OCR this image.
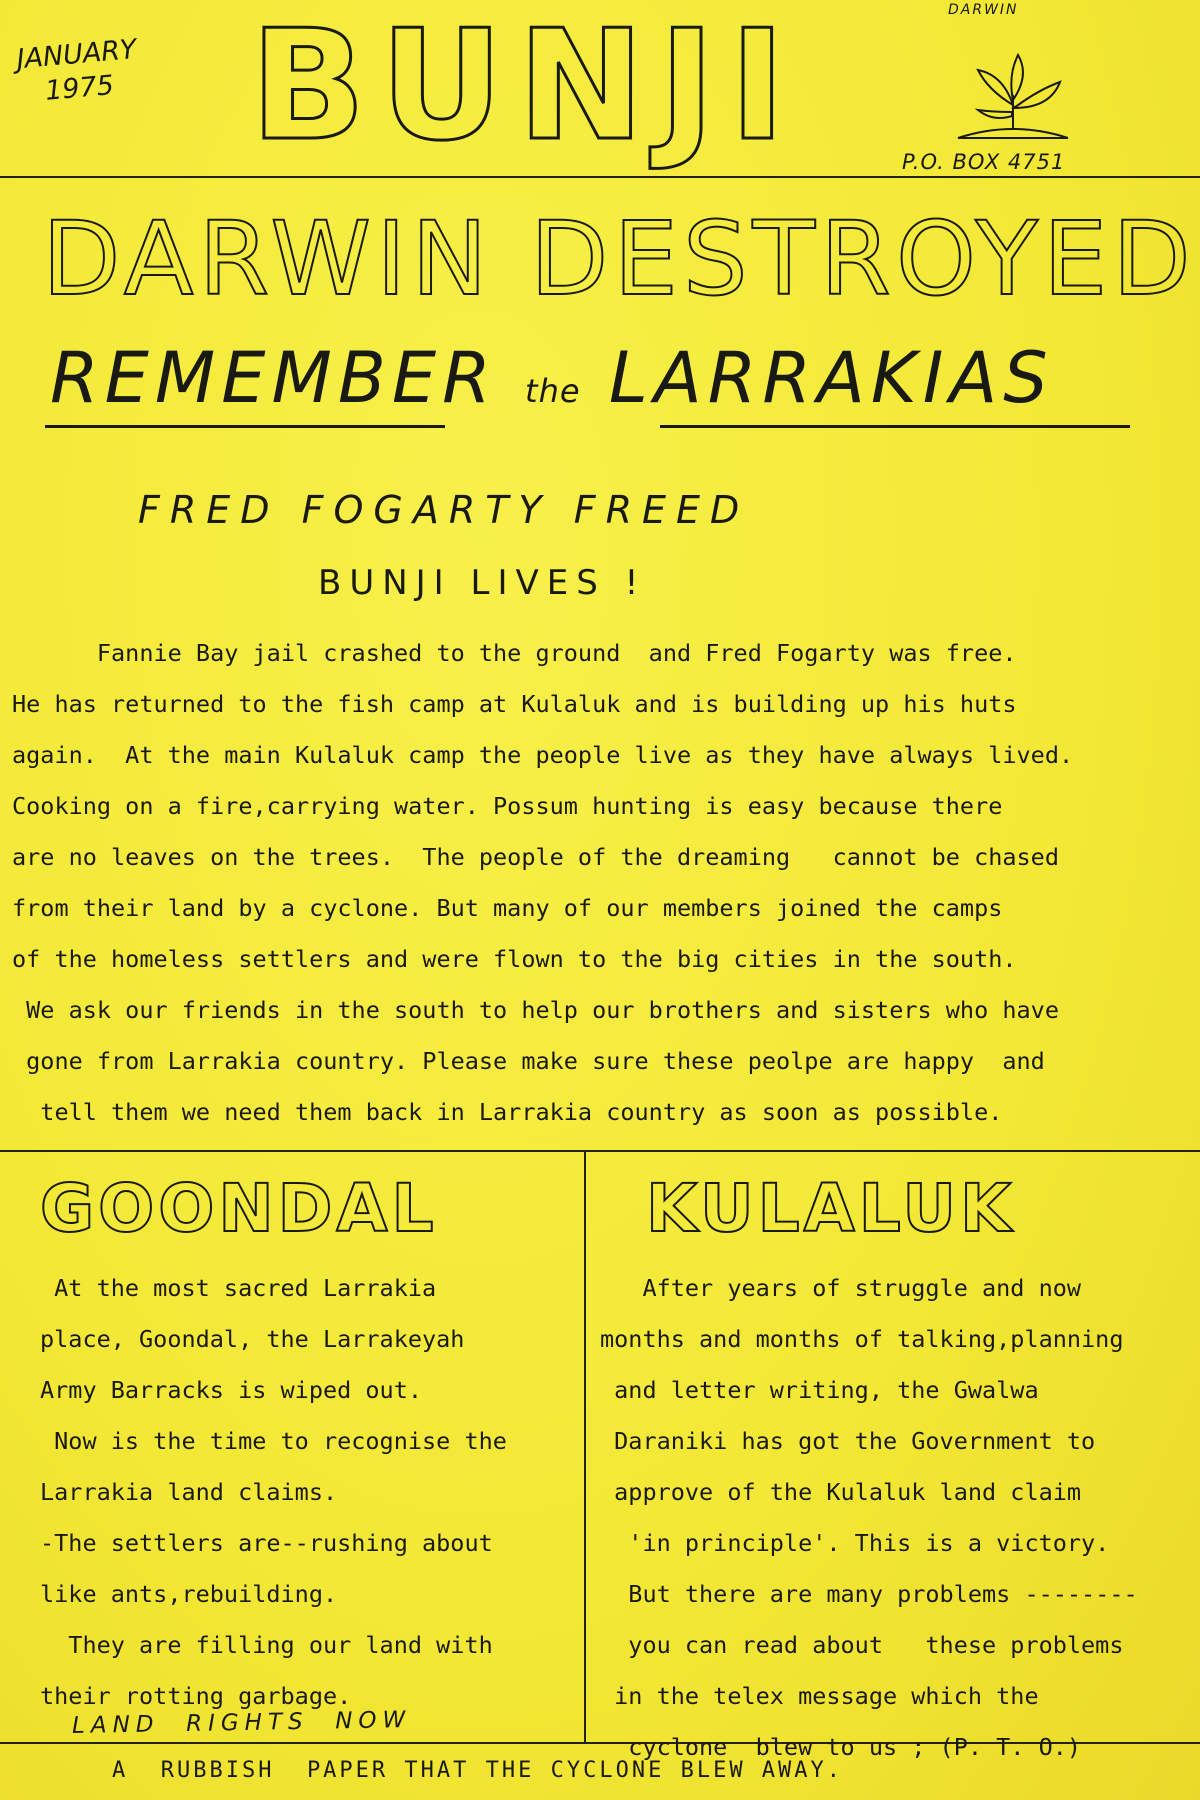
JANUARY
1975 BUNJI	DARWIN
P.O. BOX 4751
DARWIN DESTROYED
REMEMBER the LARRAKIAS
FRED FOGARTY FREED
BUNJI LIVES !
Fannie Bay jail crashed to the ground  and Fred Fogarty was free.
He has returned to the fish camp at Kulaluk and is building up his huts
again.  At the main Kulaluk camp the people live as they have always lived.
Cooking on a fire,carrying water. Possum hunting is easy because there
are no leaves on the trees.  The people of the dreaming   cannot be chased
from their land by a cyclone. But many of our members joined the camps
of the homeless settlers and were flown to the big cities in the south.
We ask our friends in the south to help our brothers and sisters who have
gone from Larrakia country. Please make sure these peolpe are happy  and
tell them we need them back in Larrakia country as soon as possible.
GOONDAL
At the most sacred Larrakia
place, Goondal, the Larrakeyah
Army Barracks is wiped out.
Now is the time to recognise the
Larrakia land claims.
-The settlers are--rushing about
like ants,rebuilding.
They are filling our land with
their rotting garbage.
KULALUK
After years of struggle and now
months and months of talking,planning
and letter writing, the Gwalwa
Daraniki has got the Government to
approve of the Kulaluk land claim
'in principle'. This is a victory.
But there are many problems --------
you can read about   these problems
in the telex message which the
cyclone  blew to us ; (P. T. O.)
LAND  RIGHTS  NOW
A  RUBBISH  PAPER THAT THE CYCLONE BLEW AWAY.
